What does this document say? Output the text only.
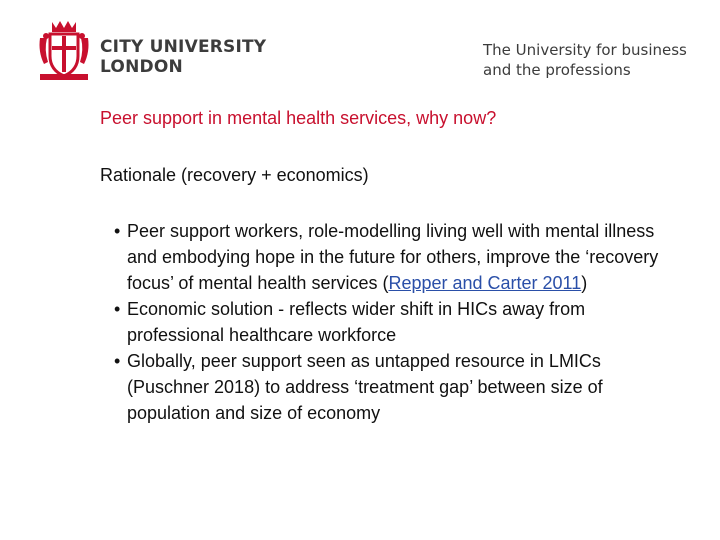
CITY UNIVERSITY
LONDON
The University for business
and the professions
Peer support in mental health services, why now?
Rationale (recovery + economics)
• Peer support workers, role-modelling living well with mental illness and embodying hope in the future for others, improve the ‘recovery focus’ of mental health services (Repper and Carter 2011)
• Economic solution - reflects wider shift in HICs away from professional healthcare workforce
• Globally, peer support seen as untapped resource in LMICs (Puschner 2018) to address ‘treatment gap’ between size of population and size of economy
